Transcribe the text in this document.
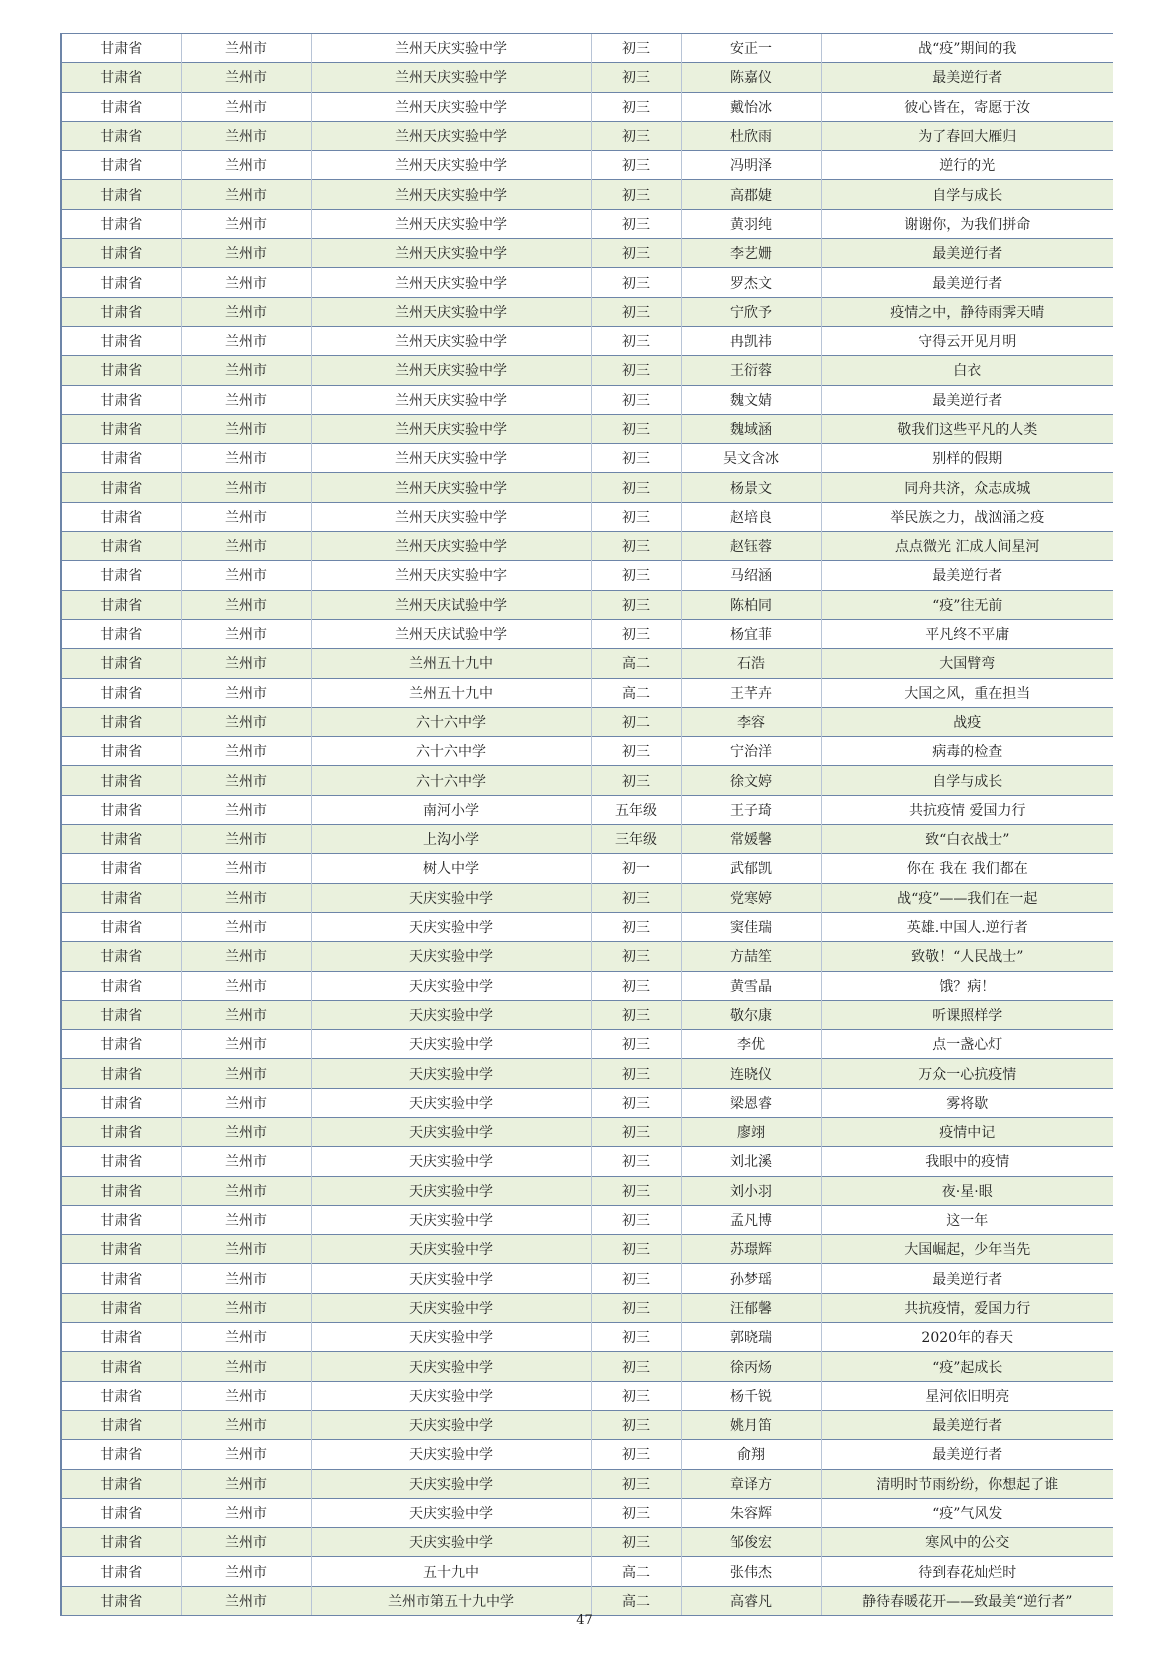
甘肃省	兰州市	兰州天庆实验中学	初三	安正一	战“疫”期间的我
甘肃省	兰州市	兰州天庆实验中学	初三	陈嘉仪	最美逆行者
甘肃省	兰州市	兰州天庆实验中学	初三	戴怡冰	彼心皆在，寄愿于汝
甘肃省	兰州市	兰州天庆实验中学	初三	杜欣雨	为了春回大雁归
甘肃省	兰州市	兰州天庆实验中学	初三	冯明泽	逆行的光
甘肃省	兰州市	兰州天庆实验中学	初三	高郡婕	自学与成长
甘肃省	兰州市	兰州天庆实验中学	初三	黄羽纯	谢谢你，为我们拼命
甘肃省	兰州市	兰州天庆实验中学	初三	李艺姗	最美逆行者
甘肃省	兰州市	兰州天庆实验中学	初三	罗杰文	最美逆行者
甘肃省	兰州市	兰州天庆实验中学	初三	宁欣予	疫情之中，静待雨霁天晴
甘肃省	兰州市	兰州天庆实验中学	初三	冉凯祎	守得云开见月明
甘肃省	兰州市	兰州天庆实验中学	初三	王衍蓉	白衣
甘肃省	兰州市	兰州天庆实验中学	初三	魏文婧	最美逆行者
甘肃省	兰州市	兰州天庆实验中学	初三	魏域涵	敬我们这些平凡的人类
甘肃省	兰州市	兰州天庆实验中学	初三	吴文含冰	别样的假期
甘肃省	兰州市	兰州天庆实验中学	初三	杨景文	同舟共济，众志成城
甘肃省	兰州市	兰州天庆实验中学	初三	赵培良	举民族之力，战汹涌之疫
甘肃省	兰州市	兰州天庆实验中学	初三	赵钰蓉	点点微光 汇成人间星河
甘肃省	兰州市	兰州天庆实验中字	初三	马绍涵	最美逆行者
甘肃省	兰州市	兰州天庆试验中学	初三	陈柏同	“疫”往无前
甘肃省	兰州市	兰州天庆试验中学	初三	杨宜菲	平凡终不平庸
甘肃省	兰州市	兰州五十九中	高二	石浩	大国臂弯
甘肃省	兰州市	兰州五十九中	高二	王芊卉	大国之风，重在担当
甘肃省	兰州市	六十六中学	初二	李容	战疫
甘肃省	兰州市	六十六中学	初三	宁治洋	病毒的检查
甘肃省	兰州市	六十六中学	初三	徐文婷	自学与成长
甘肃省	兰州市	南河小学	五年级	王子琦	共抗疫情 爱国力行
甘肃省	兰州市	上沟小学	三年级	常媛馨	致“白衣战士”
甘肃省	兰州市	树人中学	初一	武郁凯	你在 我在 我们都在
甘肃省	兰州市	天庆实验中学	初三	党寒婷	战“疫”——我们在一起
甘肃省	兰州市	天庆实验中学	初三	窦佳瑞	英雄.中国人.逆行者
甘肃省	兰州市	天庆实验中学	初三	方喆笙	致敬！“人民战士”
甘肃省	兰州市	天庆实验中学	初三	黄雪晶	饿？病！
甘肃省	兰州市	天庆实验中学	初三	敬尔康	听课照样学
甘肃省	兰州市	天庆实验中学	初三	李优	点一盏心灯
甘肃省	兰州市	天庆实验中学	初三	连晓仪	万众一心抗疫情
甘肃省	兰州市	天庆实验中学	初三	梁恩睿	雾将歇
甘肃省	兰州市	天庆实验中学	初三	廖翊	疫情中记
甘肃省	兰州市	天庆实验中学	初三	刘北溪	我眼中的疫情
甘肃省	兰州市	天庆实验中学	初三	刘小羽	夜·星·眼
甘肃省	兰州市	天庆实验中学	初三	孟凡博	这一年
甘肃省	兰州市	天庆实验中学	初三	苏璟辉	大国崛起，少年当先
甘肃省	兰州市	天庆实验中学	初三	孙梦瑶	最美逆行者
甘肃省	兰州市	天庆实验中学	初三	汪郁馨	共抗疫情，爱国力行
甘肃省	兰州市	天庆实验中学	初三	郭晓瑞	2020年的春天
甘肃省	兰州市	天庆实验中学	初三	徐丙炀	“疫”起成长
甘肃省	兰州市	天庆实验中学	初三	杨千锐	星河依旧明亮
甘肃省	兰州市	天庆实验中学	初三	姚月笛	最美逆行者
甘肃省	兰州市	天庆实验中学	初三	俞翔	最美逆行者
甘肃省	兰州市	天庆实验中学	初三	章译方	清明时节雨纷纷，你想起了谁
甘肃省	兰州市	天庆实验中学	初三	朱容辉	“疫”气风发
甘肃省	兰州市	天庆实验中学	初三	邹俊宏	寒风中的公交
甘肃省	兰州市	五十九中	高二	张伟杰	待到春花灿烂时
甘肃省	兰州市	兰州市第五十九中学	高二	高睿凡	静待春暖花开——致最美“逆行者”
47
